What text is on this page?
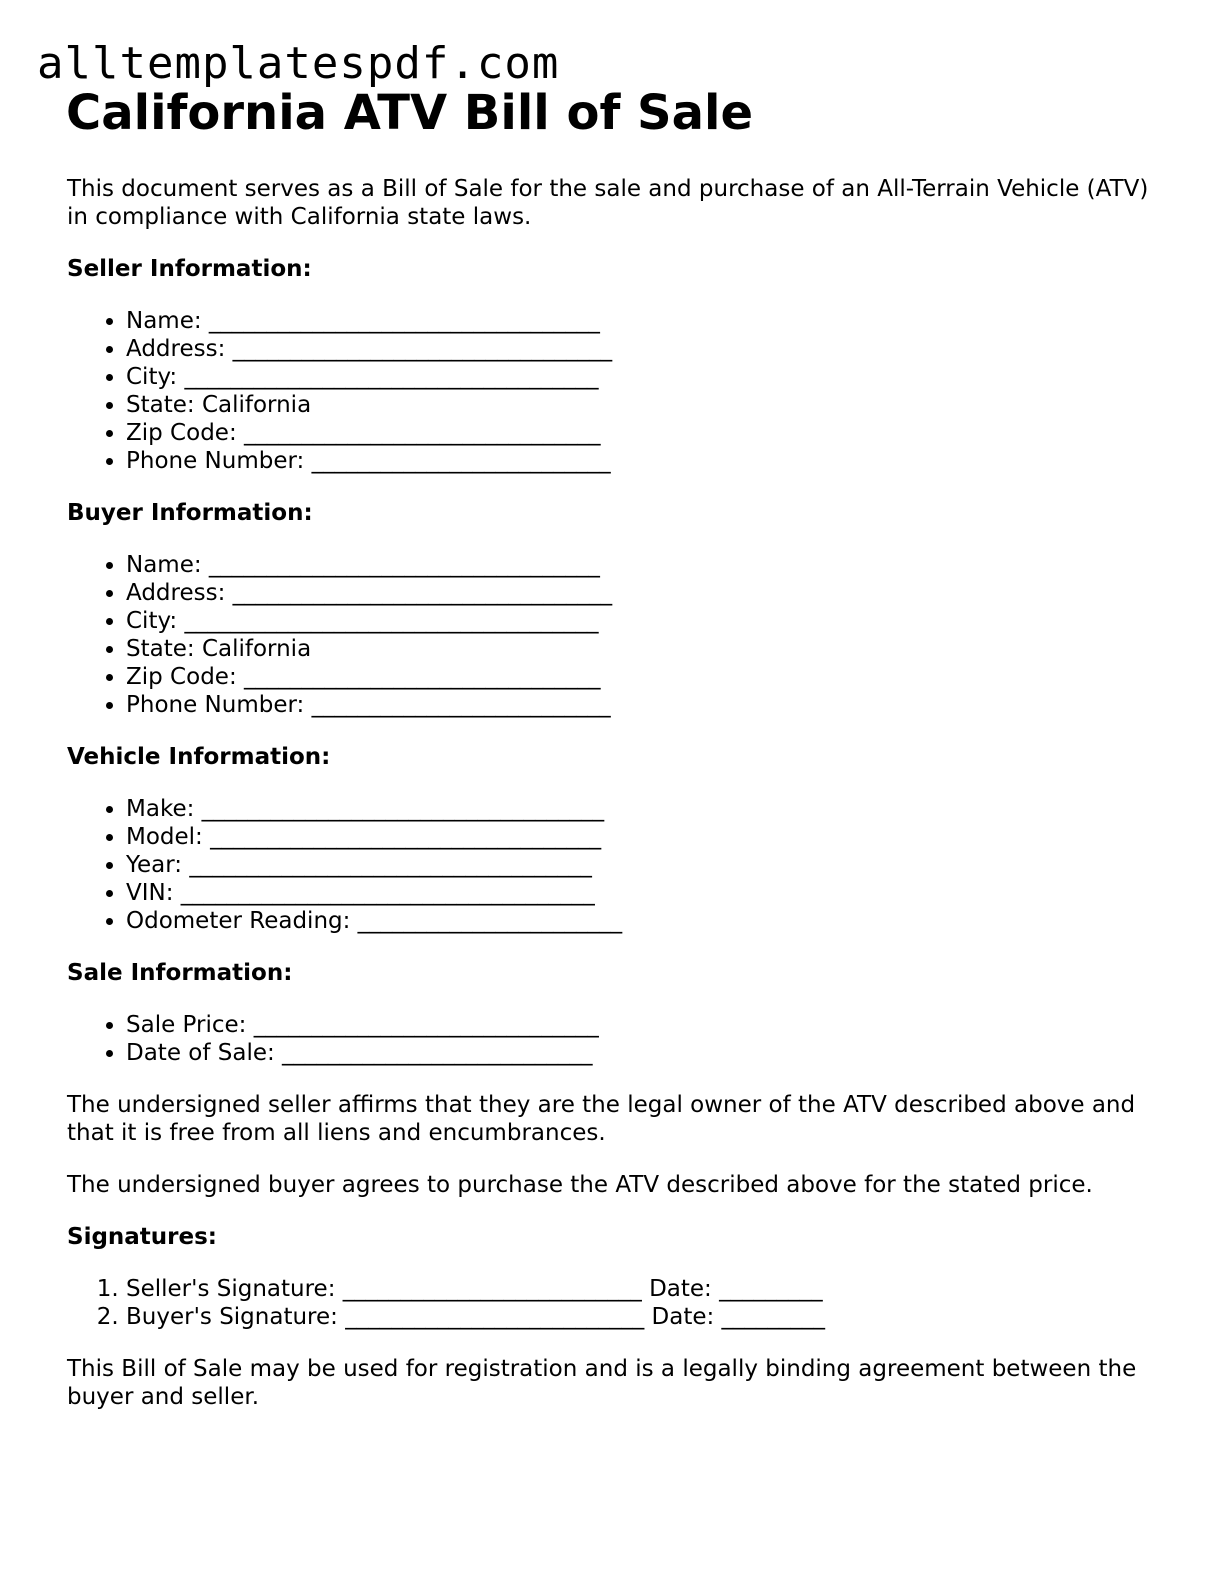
alltemplatespdf.com
California ATV Bill of Sale

This document serves as a Bill of Sale for the sale and purchase of an All-Terrain Vehicle (ATV) in compliance with California state laws.

Seller Information:

• Name: __________________________________
• Address: _________________________________
• City: ____________________________________
• State: California
• Zip Code: _______________________________
• Phone Number: __________________________

Buyer Information:

• Name: __________________________________
• Address: _________________________________
• City: ____________________________________
• State: California
• Zip Code: _______________________________
• Phone Number: __________________________

Vehicle Information:

• Make: ___________________________________
• Model: __________________________________
• Year: ___________________________________
• VIN: ____________________________________
• Odometer Reading: _______________________

Sale Information:

• Sale Price: ______________________________
• Date of Sale: ___________________________

The undersigned seller affirms that they are the legal owner of the ATV described above and that it is free from all liens and encumbrances.

The undersigned buyer agrees to purchase the ATV described above for the stated price.

Signatures:

1. Seller's Signature: __________________________ Date: _________
2. Buyer's Signature: __________________________ Date: _________

This Bill of Sale may be used for registration and is a legally binding agreement between the buyer and seller.
